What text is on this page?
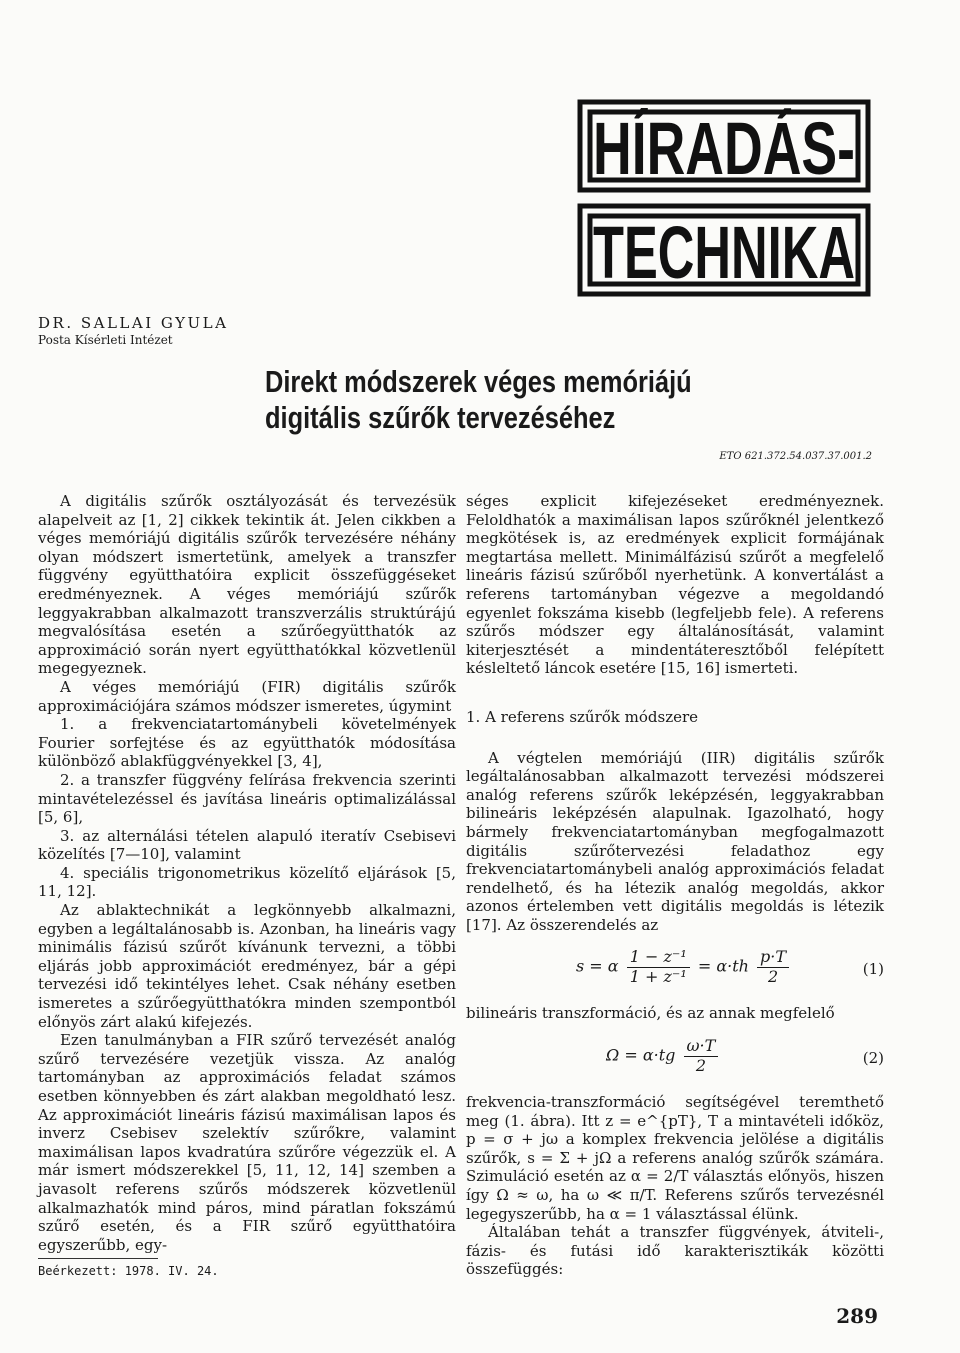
HÍRADÁS-
TECHNIKA
DR. SALLAI GYULA
Posta Kísérleti Intézet
Direkt módszerek véges memóriájú
digitális szűrők tervezéséhez
ETO 621.372.54.037.37.001.2

A digitális szűrők osztályozását és tervezésük alapelveit az [1, 2] cikkek tekintik át. Jelen cikkben a véges memóriájú digitális szűrők tervezésére néhány olyan módszert ismertetünk, amelyek a transzfer függvény együtthatóira explicit összefüggéseket eredményeznek. A véges memóriájú szűrők leggyakrabban alkalmazott transzverzális struktúrájú megvalósítása esetén a szűrőegyütthatók az approximáció során nyert együtthatókkal közvetlenül megegyeznek.

A véges memóriájú (FIR) digitális szűrők approximációjára számos módszer ismeretes, úgymint

1. a frekvenciatartománybeli követelmények Fourier sorfejtése és az együtthatók módosítása különböző ablakfüggvényekkel [3, 4],

2. a transzfer függvény felírása frekvencia szerinti mintavételezéssel és javítása lineáris optimalizálással [5, 6],

3. az alternálási tételen alapuló iteratív Csebisevi közelítés [7—10], valamint

4. speciális trigonometrikus közelítő eljárások [5, 11, 12].

Az ablaktechnikát a legkönnyebb alkalmazni, egyben a legáltalánosabb is. Azonban, ha lineáris vagy minimális fázisú szűrőt kívánunk tervezni, a többi eljárás jobb approximációt eredményez, bár a gépi tervezési idő tekintélyes lehet. Csak néhány esetben ismeretes a szűrőegyütthatókra minden szempontból előnyös zárt alakú kifejezés.

Ezen tanulmányban a FIR szűrő tervezését analóg szűrő tervezésére vezetjük vissza. Az analóg tartományban az approximációs feladat számos esetben könnyebben és zárt alakban megoldható lesz. Az approximációt lineáris fázisú maximálisan lapos és inverz Csebisev szelektív szűrőkre, valamint maximálisan lapos kvadratúra szűrőre végezzük el. A már ismert módszerekkel [5, 11, 12, 14] szemben a javasolt referens szűrős módszerek közvetlenül alkalmazhatók mind páros, mind páratlan fokszámú szűrő esetén, és a FIR szűrő együtthatóira egyszerűbb, egy-

Beérkezett: 1978. IV. 24.

séges explicit kifejezéseket eredményeznek. Feloldhatók a maximálisan lapos szűrőknél jelentkező megkötések is, az eredmények explicit formájának megtartása mellett. Minimálfázisú szűrőt a megfelelő lineáris fázisú szűrőből nyerhetünk. A konvertálást a referens tartományban végezve a megoldandó egyenlet fokszáma kisebb (legfeljebb fele). A referens szűrős módszer egy általánosítását, valamint kiterjesztését a mindentáteresztőből felépített késleltető láncok esetére [15, 16] ismerteti.

1. A referens szűrők módszere

A végtelen memóriájú (IIR) digitális szűrők legáltalánosabban alkalmazott tervezési módszerei analóg referens szűrők leképzésén, leggyakrabban bilineáris leképzésén alapulnak. Igazolható, hogy bármely frekvenciatartományban megfogalmazott digitális szűrőtervezési feladathoz egy frekvenciatartománybeli analóg approximációs feladat rendelhető, és ha létezik analóg megoldás, akkor azonos értelemben vett digitális megoldás is létezik [17]. Az összerendelés az

s = α $\frac{\text{1 − z⁻¹}}{\text{1 + z⁻¹}} = \alpha\cdot th \frac{p\cdot T}{2}$	(1)

bilineáris transzformáció, és az annak megfelelő

$\Omega = \alpha\cdot tg \frac{\omega\cdot T}{2}$	(2)

frekvencia-transzformáció segítségével teremthető meg (1. ábra). Itt z = e^{pT}, T a mintavételi időköz, p = σ + jω a komplex frekvencia jelölése a digitális szűrők, s = Σ + jΩ a referens analóg szűrők számára. Szimuláció esetén az α = 2/T választás előnyös, hiszen így Ω ≈ ω, ha ω ≪ π/T. Referens szűrős tervezésnél legegyszerűbb, ha α = 1 választással élünk.

Általában tehát a transzfer függvények, átviteli-, fázis- és futási idő karakterisztikák közötti összefüggés:

289
